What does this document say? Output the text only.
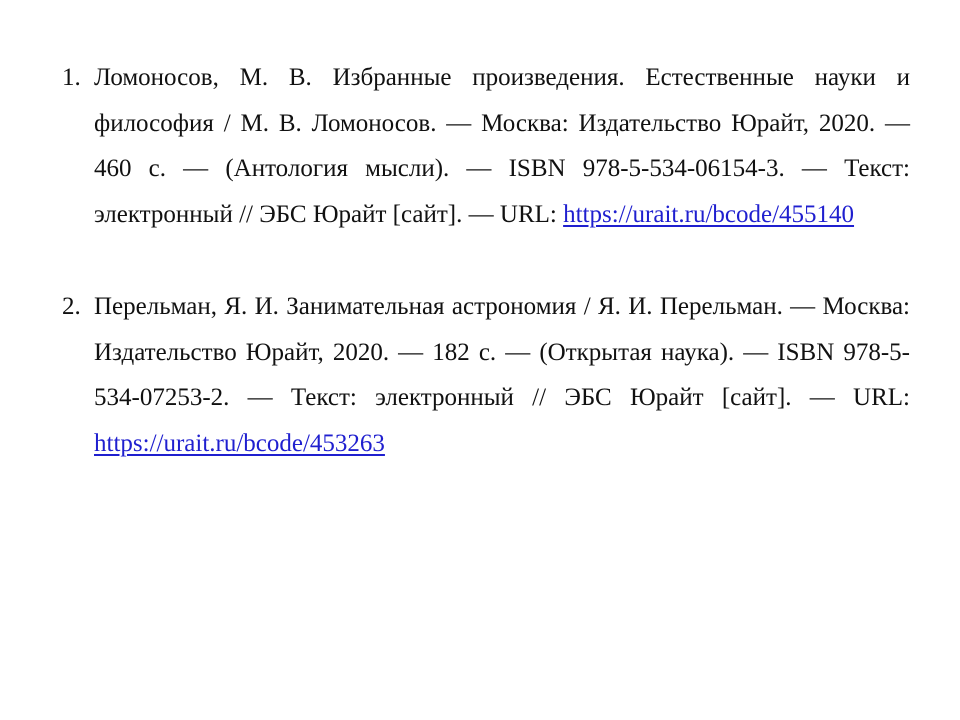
1. Ломоносов, М. В. Избранные произведения. Естественные науки и философия / М. В. Ломоносов. — Москва: Издательство Юрайт, 2020. — 460 с. — (Антология мысли). — ISBN 978-5-534-06154-3. — Текст: электронный // ЭБС Юрайт [сайт]. — URL: https://urait.ru/bcode/455140
2. Перельман, Я. И. Занимательная астрономия / Я. И. Перельман. — Москва: Издательство Юрайт, 2020. — 182 с. — (Открытая наука). — ISBN 978-5-534-07253-2. — Текст: электронный // ЭБС Юрайт [сайт]. — URL: https://urait.ru/bcode/453263
